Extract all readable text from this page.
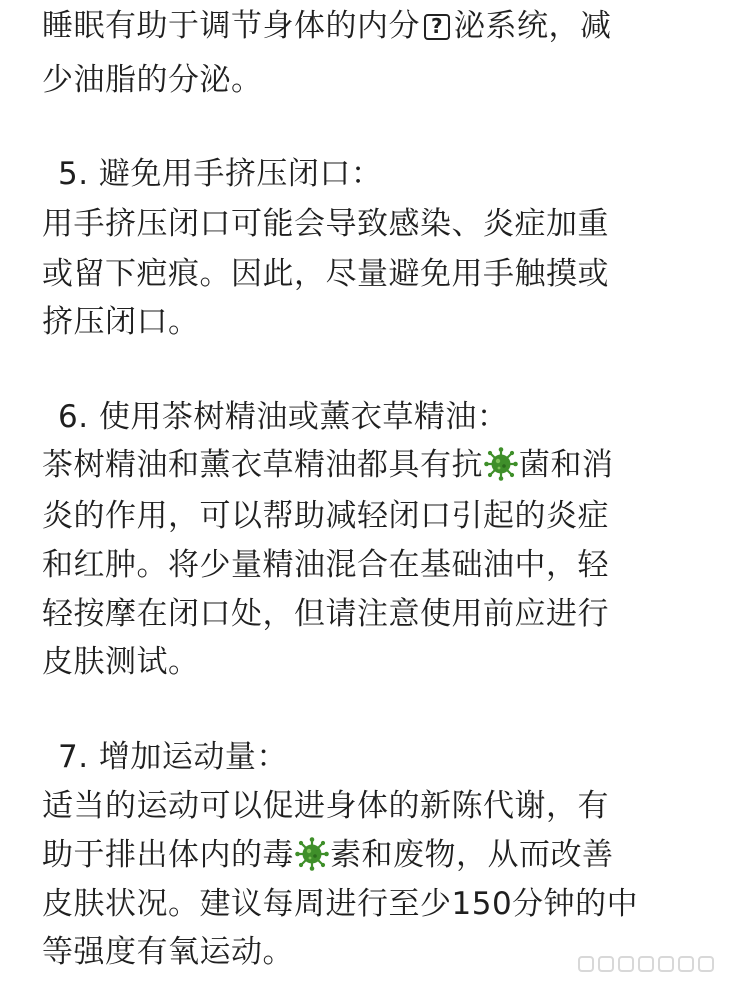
睡眠有助于调节身体的内分 ? 泌系统，减
少油脂的分泌。
5. 避免用手挤压闭口：
用手挤压闭口可能会导致感染、炎症加重
或留下疤痕。因此，尽量避免用手触摸或
挤压闭口。
6. 使用茶树精油或薰衣草精油：
茶树精油和薰衣草精油都具有抗 菌和消
炎的作用，可以帮助减轻闭口引起的炎症
和红肿。将少量精油混合在基础油中，轻
轻按摩在闭口处，但请注意使用前应进行
皮肤测试。
7. 增加运动量：
适当的运动可以促进身体的新陈代谢，有
助于排出体内的毒 素和废物，从而改善
皮肤状况。建议每周进行至少150分钟的中
等强度有氧运动。
